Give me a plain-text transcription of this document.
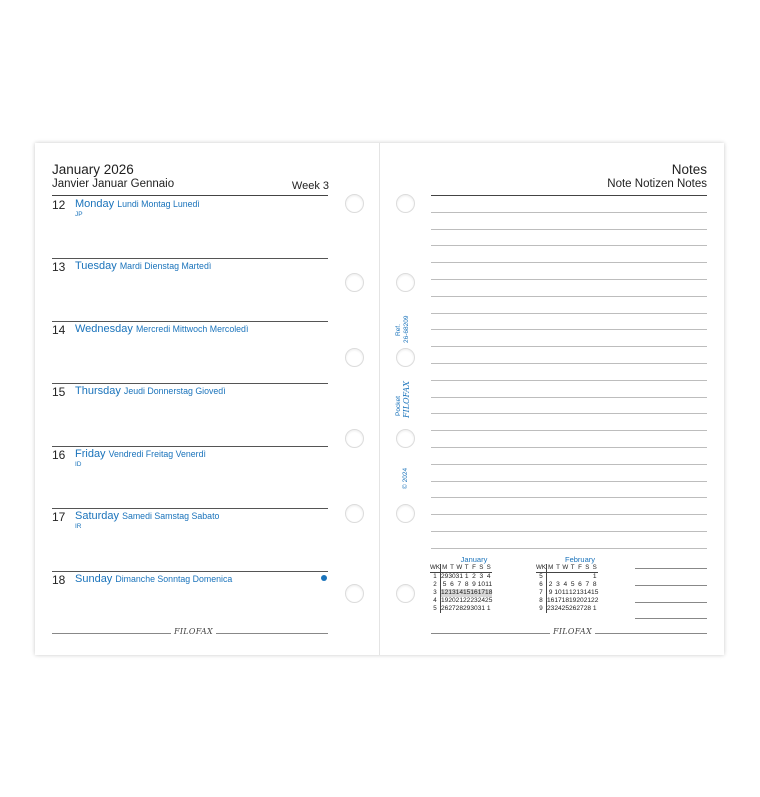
January 2026
Janvier Januar Gennaio	Week 3
12 Monday Lundi Montag Lunedì
JP
13 Tuesday Mardi Dienstag Martedì
14 Wednesday Mercredi Mittwoch Mercoledì
15 Thursday Jeudi Donnerstag Giovedì
16 Friday Vendredi Freitag Venerdì
ID
17 Saturday Samedi Samstag Sabato
IR
18 Sunday Dimanche Sonntag Domenica
FILOFAX
Notes
Note Notizen Notes
Ref. 26-68209
Pocket FILOFAX
© 2024
January
WK	M	T	W	T	F	S	S
1	29	30	31	1	2	3	4
2	5	6	7	8	9	10	11
3	12	13	14	15	16	17	18
4	19	20	21	22	23	24	25
5	26	27	28	29	30	31	1
February
WK	M	T	W	T	F	S	S
5							1
6	2	3	4	5	6	7	8
7	9	10	11	12	13	14	15
8	16	17	18	19	20	21	22
9	23	24	25	26	27	28	1
FILOFAX
